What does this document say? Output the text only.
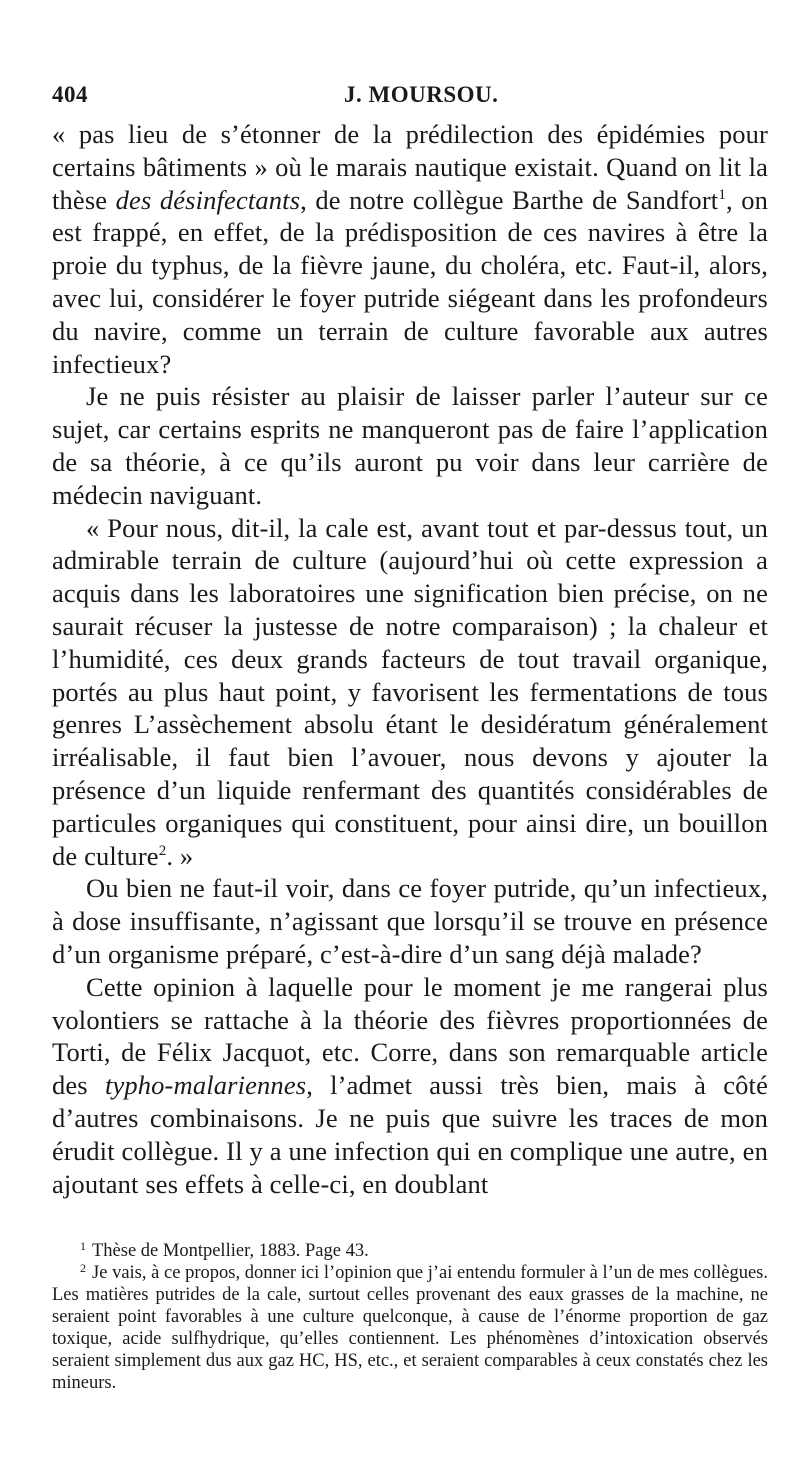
404	J. MOURSOU.

« pas lieu de s’étonner de la prédilection des épidémies pour certains bâtiments » où le marais nautique existait. Quand on lit la thèse des désinfectants, de notre collègue Barthe de Sandfort$^1$, on est frappé, en effet, de la prédisposition de ces navires à être la proie du typhus, de la fièvre jaune, du choléra, etc. Faut-il, alors, avec lui, considérer le foyer putride siégeant dans les profondeurs du navire, comme un terrain de culture favorable aux autres infectieux?

Je ne puis résister au plaisir de laisser parler l’auteur sur ce sujet, car certains esprits ne manqueront pas de faire l’application de sa théorie, à ce qu’ils auront pu voir dans leur carrière de médecin naviguant.

« Pour nous, dit-il, la cale est, avant tout et par-dessus tout, un admirable terrain de culture (aujourd’hui où cette expression a acquis dans les laboratoires une signification bien précise, on ne saurait récuser la justesse de notre comparaison) ; la chaleur et l’humidité, ces deux grands facteurs de tout travail organique, portés au plus haut point, y favorisent les fermentations de tous genres L’assèchement absolu étant le desidératum généralement irréalisable, il faut bien l’avouer, nous devons y ajouter la présence d’un liquide renfermant des quantités considérables de particules organiques qui constituent, pour ainsi dire, un bouillon de culture$^2$. »

Ou bien ne faut-il voir, dans ce foyer putride, qu’un infectieux, à dose insuffisante, n’agissant que lorsqu’il se trouve en présence d’un organisme préparé, c’est-à-dire d’un sang déjà malade?

Cette opinion à laquelle pour le moment je me rangerai plus volontiers se rattache à la théorie des fièvres proportionnées de Torti, de Félix Jacquot, etc. Corre, dans son remarquable article des typho-malariennes, l’admet aussi très bien, mais à côté d’autres combinaisons. Je ne puis que suivre les traces de mon érudit collègue. Il y a une infection qui en complique une autre, en ajoutant ses effets à celle-ci, en doublant

$^1$ Thèse de Montpellier, 1883. Page 43.

$^2$ Je vais, à ce propos, donner ici l’opinion que j’ai entendu formuler à l’un de mes collègues. Les matières putrides de la cale, surtout celles provenant des eaux grasses de la machine, ne seraient point favorables à une culture quelconque, à cause de l’énorme proportion de gaz toxique, acide sulfhydrique, qu’elles contiennent. Les phénomènes d’intoxication observés seraient simplement dus aux gaz HC, HS, etc., et seraient comparables à ceux constatés chez les mineurs.
